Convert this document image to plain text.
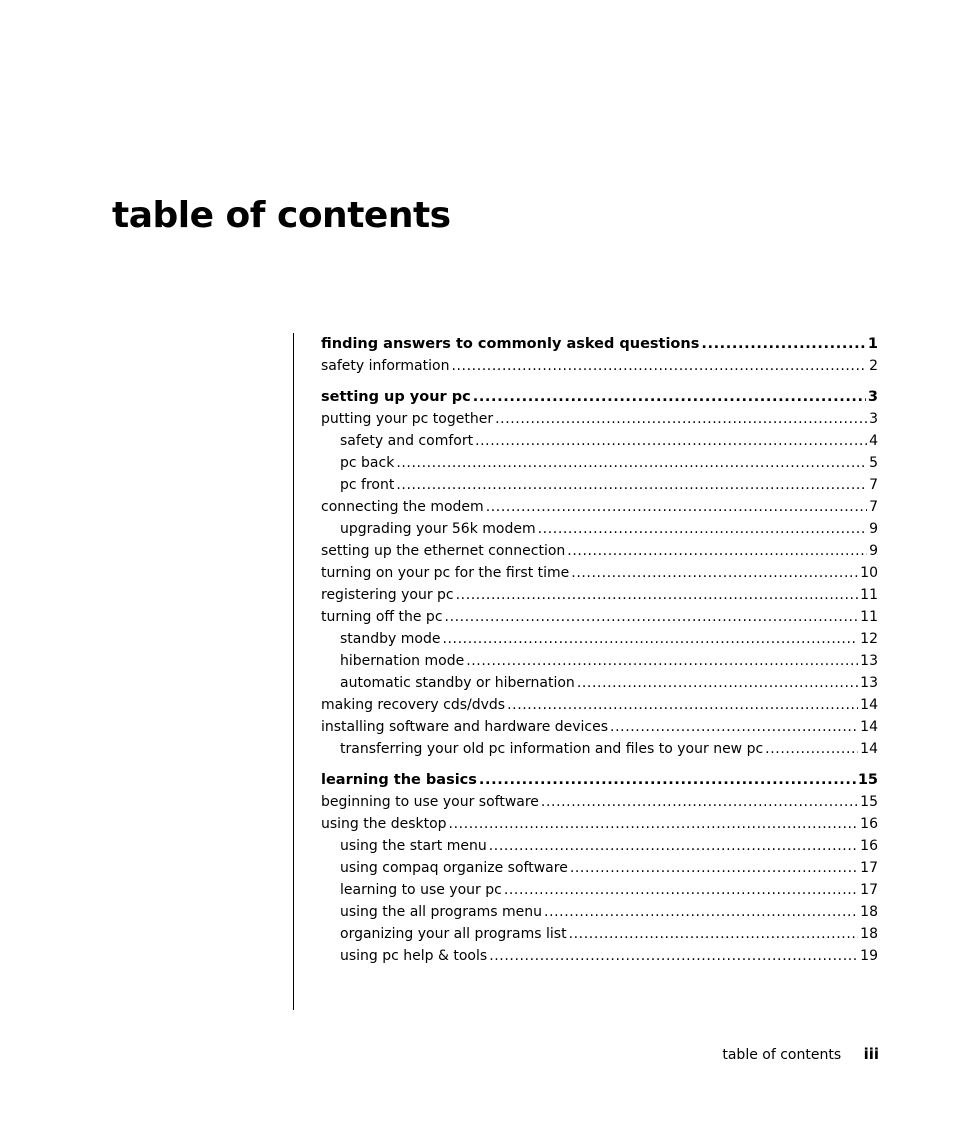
table of contents
finding answers to commonly asked questions .....	1
safety information .....	2
setting up your pc .....	3
putting your pc together .....	3
safety and comfort .....	4
pc back .....	5
pc front .....	7
connecting the modem .....	7
upgrading your 56k modem .....	9
setting up the ethernet connection .....	9
turning on your pc for the first time .....	10
registering your pc .....	11
turning off the pc .....	11
standby mode .....	12
hibernation mode .....	13
automatic standby or hibernation .....	13
making recovery cds/dvds .....	14
installing software and hardware devices .....	14
transferring your old pc information and files to your new pc .....	14
learning the basics .....	15
beginning to use your software .....	15
using the desktop .....	16
using the start menu .....	16
using compaq organize software .....	17
learning to use your pc .....	17
using the all programs menu .....	18
organizing your all programs list .....	18
using pc help & tools .....	19
table of contents iii
